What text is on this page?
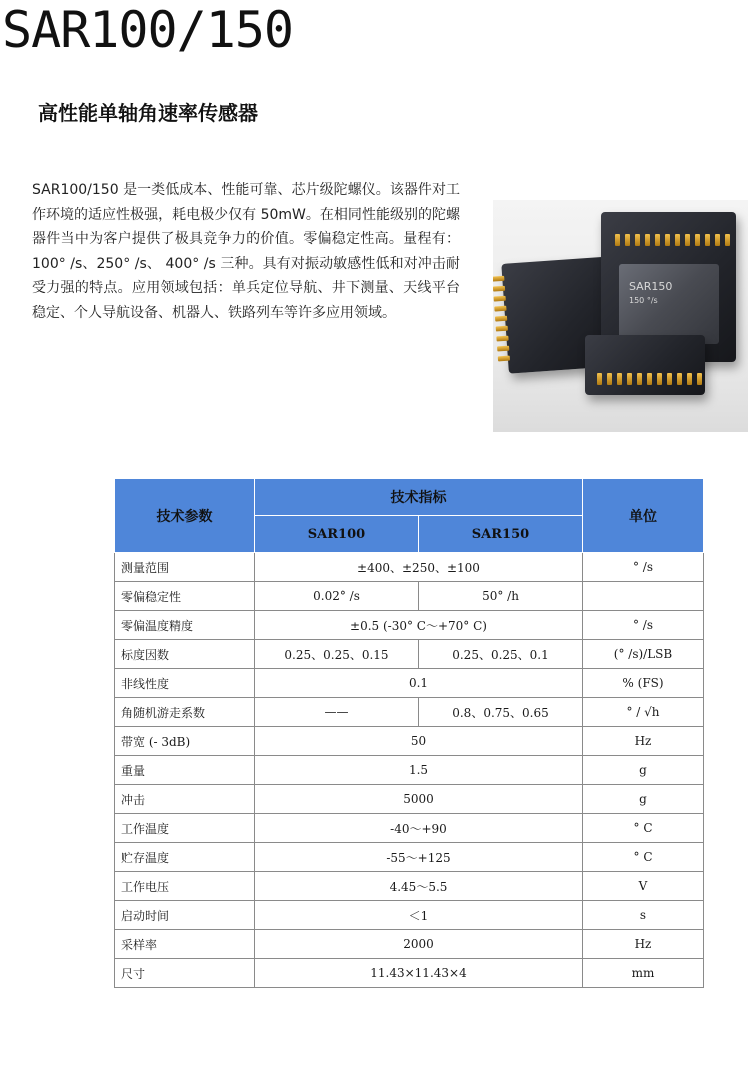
SAR100/150
高性能单轴角速率传感器
SAR100/150 是一类低成本、性能可靠、芯片级陀螺仪。该器件对工作环境的适应性极强，耗电极少仅有 50mW。在相同性能级别的陀螺器件当中为客户提供了极具竞争力的价值。零偏稳定性高。量程有：100° /s、250° /s、 400° /s 三种。具有对振动敏感性低和对冲击耐受力强的特点。应用领域包括：单兵定位导航、井下测量、天线平台稳定、个人导航设备、机器人、铁路列车等许多应用领域。
SAR150
150 °/s
技术参数	技术指标		单位
	SAR100	SAR150	
测量范围	±400、±250、±100		° /s
零偏稳定性	0.02° /s	50° /h	
零偏温度精度	±0.5 (-30° C～+70° C)		° /s
标度因数	0.25、0.25、0.15	0.25、0.25、0.1	(° /s)/LSB
非线性度	0.1		% (FS)
角随机游走系数	——	0.8、0.75、0.65	° / √h
带宽 (- 3dB)	50		Hz
重量	1.5		g
冲击	5000		g
工作温度	-40～+90		° C
贮存温度	-55～+125		° C
工作电压	4.45～5.5		V
启动时间	＜1		s
采样率	2000		Hz
尺寸	11.43×11.43×4		mm
